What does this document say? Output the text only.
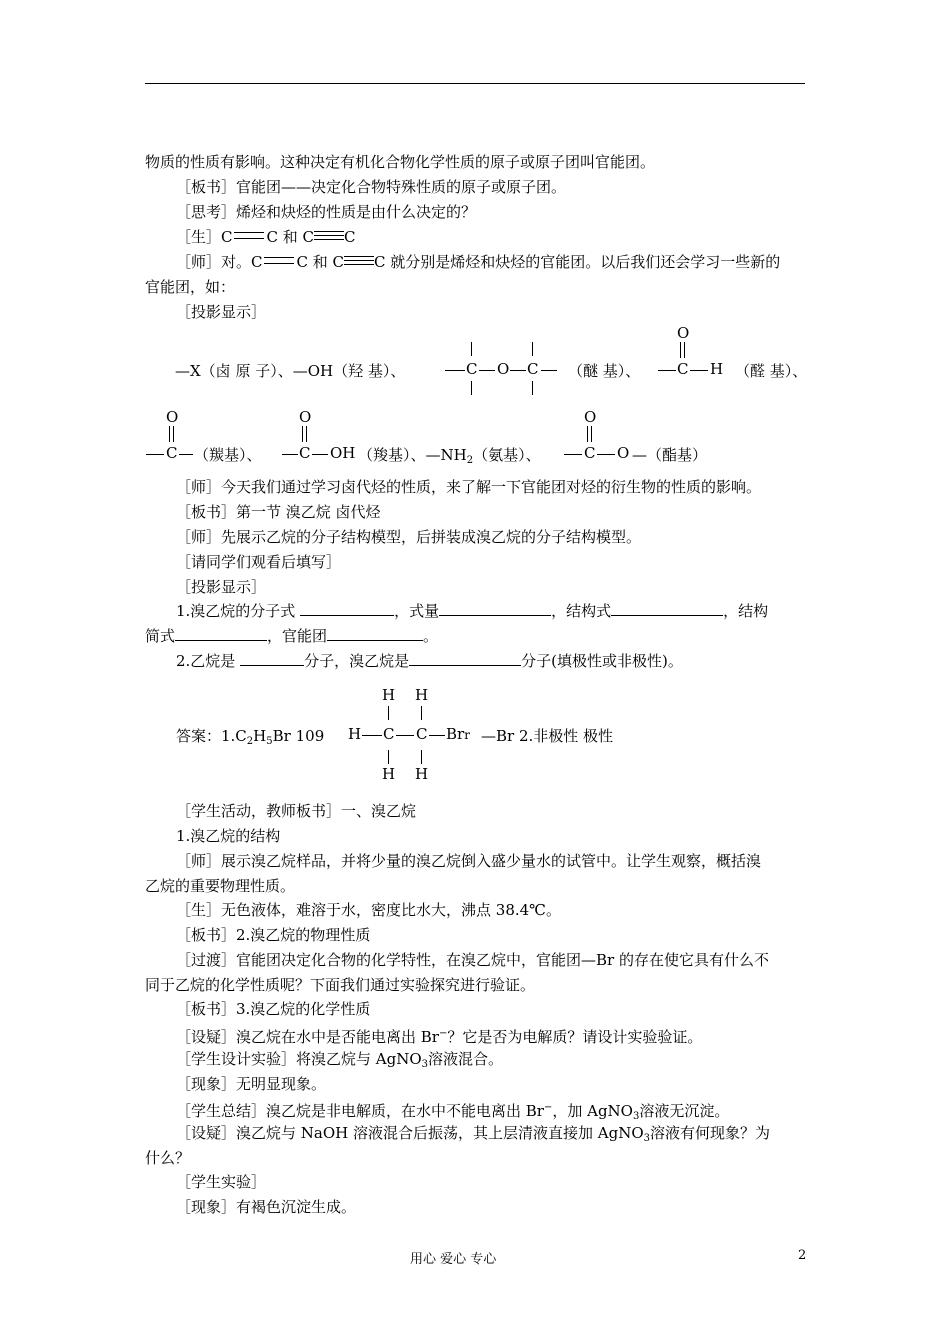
物质的性质有影响。这种决定有机化合物化学性质的原子或原子团叫官能团。
［板书］官能团——决定化合物特殊性质的原子或原子团。
［思考］烯烃和炔烃的性质是由什么决定的？
［生］C C 和 C C
［师］对。C C 和 C C 就分别是烯烃和炔烃的官能团。以后我们还会学习一些新的
官能团，如：
［投影显示］
—X（卤 原 子）、—OH（羟 基）、	C O C （醚 基）、
O
C H （醛 基）、
O
C （羰基）、
O
C OH （羧基）、$—NH_2$（氨基）、
O
C O —（酯基）
［师］今天我们通过学习卤代烃的性质，来了解一下官能团对烃的衍生物的性质的影响。
［板书］第一节 溴乙烷 卤代烃
［师］先展示乙烷的分子结构模型，后拼装成溴乙烷的分子结构模型。
［请同学们观看后填写］
［投影显示］
1.溴乙烷的分子式	，式量	，结构式	，结构
简式	，官能团	。
2.乙烷是	分子，溴乙烷是	分子(填极性或非极性)。
答案：$1.C_2H_5Br$ 109
H H
H C C Brr
H H
—Br 2.非极性 极性
［学生活动，教师板书］一、溴乙烷
1.溴乙烷的结构
［师］展示溴乙烷样品，并将少量的溴乙烷倒入盛少量水的试管中。让学生观察，概括溴
乙烷的重要物理性质。
［生］无色液体，难溶于水，密度比水大，沸点 38.4℃。
［板书］2.溴乙烷的物理性质
［过渡］官能团决定化合物的化学特性，在溴乙烷中，官能团—Br 的存在使它具有什么不
同于乙烷的化学性质呢？下面我们通过实验探究进行验证。
［板书］3.溴乙烷的化学性质
［设疑］溴乙烷在水中是否能电离出 Br−？它是否为电解质？请设计实验验证。
［学生设计实验］将溴乙烷与 AgNO$_3$溶液混合。
［现象］无明显现象。
［学生总结］溴乙烷是非电解质，在水中不能电离出 Br−，加 AgNO$_3$溶液无沉淀。
［设疑］溴乙烷与 NaOH 溶液混合后振荡，其上层清液直接加 AgNO$_3$溶液有何现象？为
什么？
［学生实验］
［现象］有褐色沉淀生成。
用心 爱心 专心	2
